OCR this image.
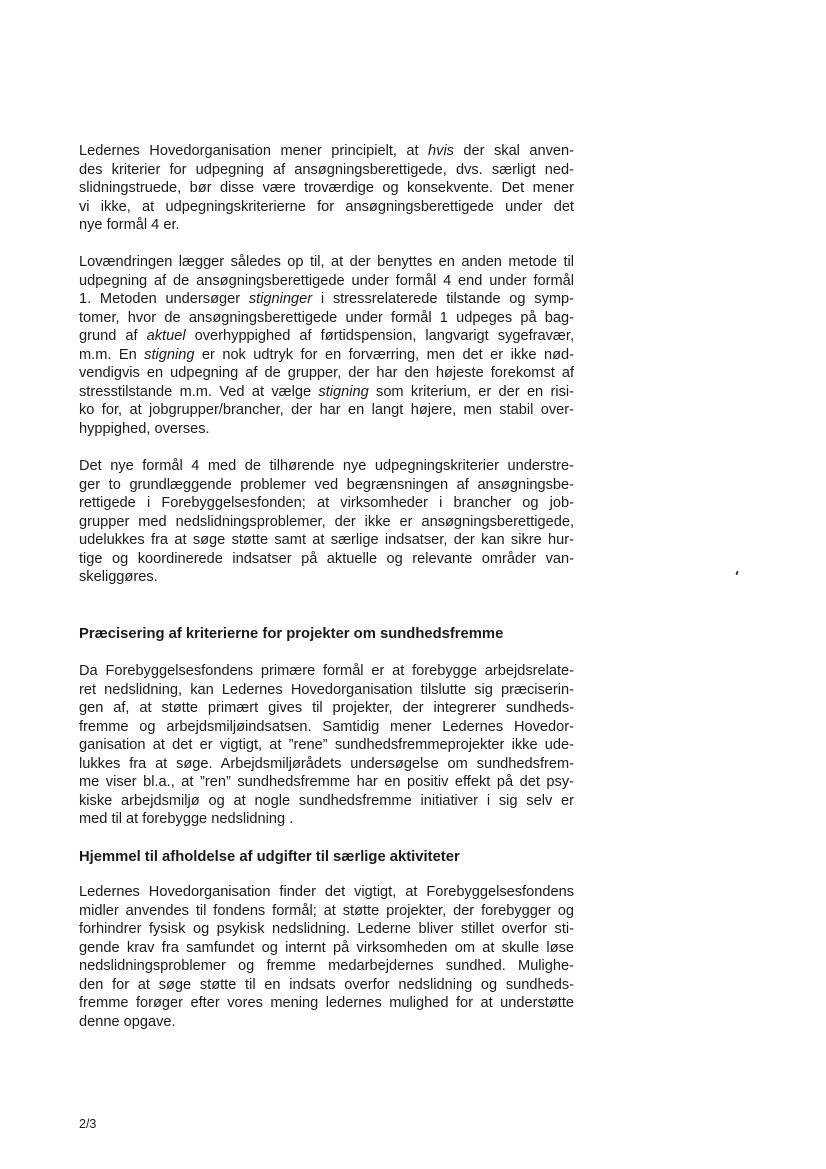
Ledernes Hovedorganisation mener principielt, at hvis der skal anven-
des kriterier for udpegning af ansøgningsberettigede, dvs. særligt ned-
slidningstruede, bør disse være troværdige og konsekvente. Det mener
vi ikke, at udpegningskriterierne for ansøgningsberettigede under det
nye formål 4 er.
Lovændringen lægger således op til, at der benyttes en anden metode til
udpegning af de ansøgningsberettigede under formål 4 end under formål
1. Metoden undersøger stigninger i stressrelaterede tilstande og symp-
tomer, hvor de ansøgningsberettigede under formål 1 udpeges på bag-
grund af aktuel overhyppighed af førtidspension, langvarigt sygefravær,
m.m. En stigning er nok udtryk for en forværring, men det er ikke nød-
vendigvis en udpegning af de grupper, der har den højeste forekomst af
stresstilstande m.m. Ved at vælge stigning som kriterium, er der en risi-
ko for, at jobgrupper/brancher, der har en langt højere, men stabil over-
hyppighed, overses.
Det nye formål 4 med de tilhørende nye udpegningskriterier understre-
ger to grundlæggende problemer ved begrænsningen af ansøgningsbe-
rettigede i Forebyggelsesfonden; at virksomheder i brancher og job-
grupper med nedslidningsproblemer, der ikke er ansøgningsberettigede,
udelukkes fra at søge støtte samt at særlige indsatser, der kan sikre hur-
tige og koordinerede indsatser på aktuelle og relevante områder van-
skeliggøres.
Præcisering af kriterierne for projekter om sundhedsfremme
Da Forebyggelsesfondens primære formål er at forebygge arbejdsrelate-
ret nedslidning, kan Ledernes Hovedorganisation tilslutte sig præciserin-
gen af, at støtte primært gives til projekter, der integrerer sundheds-
fremme og arbejdsmiljøindsatsen. Samtidig mener Ledernes Hovedor-
ganisation at det er vigtigt, at ”rene” sundhedsfremmeprojekter ikke ude-
lukkes fra at søge. Arbejdsmiljørådets undersøgelse om sundhedsfrem-
me viser bl.a., at ”ren” sundhedsfremme har en positiv effekt på det psy-
kiske arbejdsmiljø og at nogle sundhedsfremme initiativer i sig selv er
med til at forebygge nedslidning .
Hjemmel til afholdelse af udgifter til særlige aktiviteter
Ledernes Hovedorganisation finder det vigtigt, at Forebyggelsesfondens
midler anvendes til fondens formål; at støtte projekter, der forebygger og
forhindrer fysisk og psykisk nedslidning. Lederne bliver stillet overfor sti-
gende krav fra samfundet og internt på virksomheden om at skulle løse
nedslidningsproblemer og fremme medarbejdernes sundhed. Mulighe-
den for at søge støtte til en indsats overfor nedslidning og sundheds-
fremme forøger efter vores mening ledernes mulighed for at understøtte
denne opgave.
2/3
